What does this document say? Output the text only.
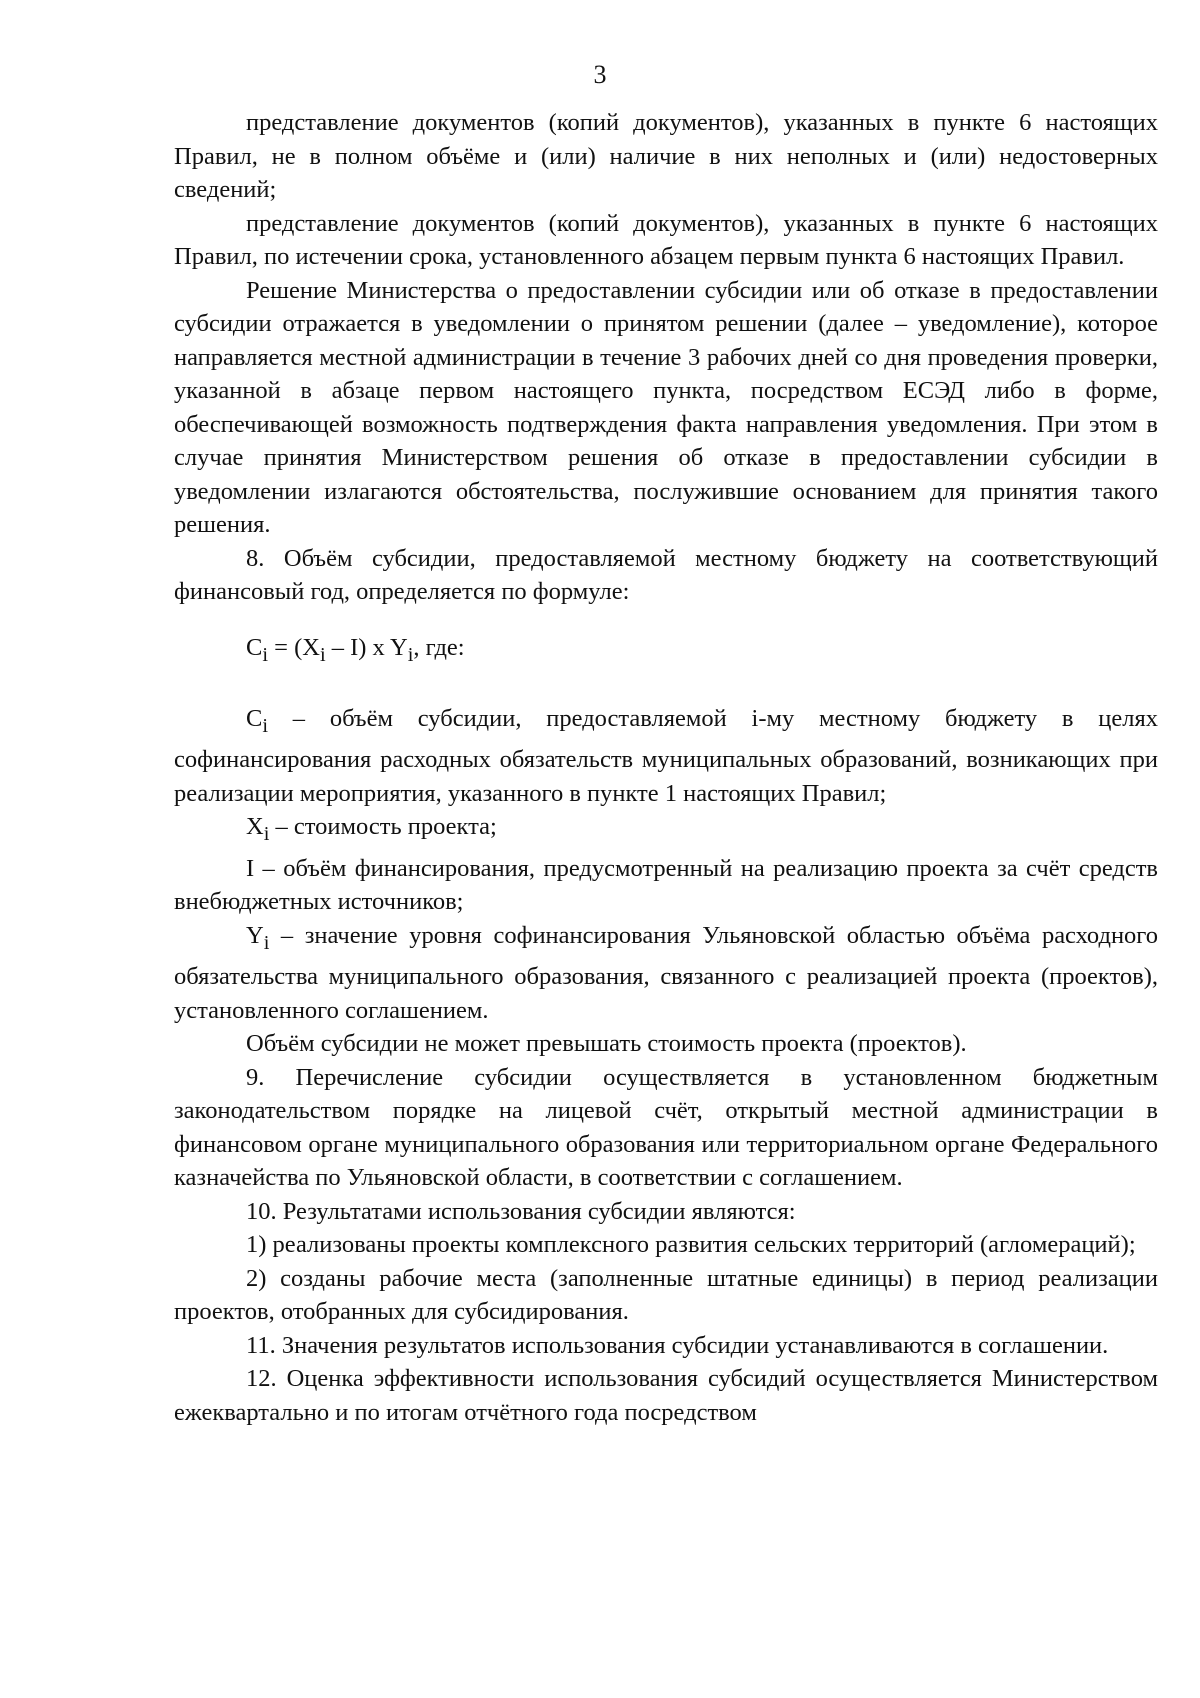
3

представление документов (копий документов), указанных в пункте 6 настоящих Правил, не в полном объёме и (или) наличие в них неполных и (или) недостоверных сведений;

представление документов (копий документов), указанных в пункте 6 настоящих Правил, по истечении срока, установленного абзацем первым пункта 6 настоящих Правил.

Решение Министерства о предоставлении субсидии или об отказе в предоставлении субсидии отражается в уведомлении о принятом решении (далее – уведомление), которое направляется местной администрации в течение 3 рабочих дней со дня проведения проверки, указанной в абзаце первом настоящего пункта, посредством ЕСЭД либо в форме, обеспечивающей возможность подтверждения факта направления уведомления. При этом в случае принятия Министерством решения об отказе в предоставлении субсидии в уведомлении излагаются обстоятельства, послужившие основанием для принятия такого решения.

8. Объём субсидии, предоставляемой местному бюджету на соответствующий финансовый год, определяется по формуле:

$C_i = (X_i - I)$ x $Y_i$, где:

$C_i$ – объём субсидии, предоставляемой i-му местному бюджету в целях софинансирования расходных обязательств муниципальных образований, возникающих при реализации мероприятия, указанного в пункте 1 настоящих Правил;

$X_i$ – стоимость проекта;

I – объём финансирования, предусмотренный на реализацию проекта за счёт средств внебюджетных источников;

$Y_i$ – значение уровня софинансирования Ульяновской областью объёма расходного обязательства муниципального образования, связанного с реализацией проекта (проектов), установленного соглашением.

Объём субсидии не может превышать стоимость проекта (проектов).

9. Перечисление субсидии осуществляется в установленном бюджетным законодательством порядке на лицевой счёт, открытый местной администрации в финансовом органе муниципального образования или территориальном органе Федерального казначейства по Ульяновской области, в соответствии с соглашением.

10. Результатами использования субсидии являются:

1) реализованы проекты комплексного развития сельских территорий (агломераций);

2) созданы рабочие места (заполненные штатные единицы) в период реализации проектов, отобранных для субсидирования.

11. Значения результатов использования субсидии устанавливаются в соглашении.

12. Оценка эффективности использования субсидий осуществляется Министерством ежеквартально и по итогам отчётного года посредством
